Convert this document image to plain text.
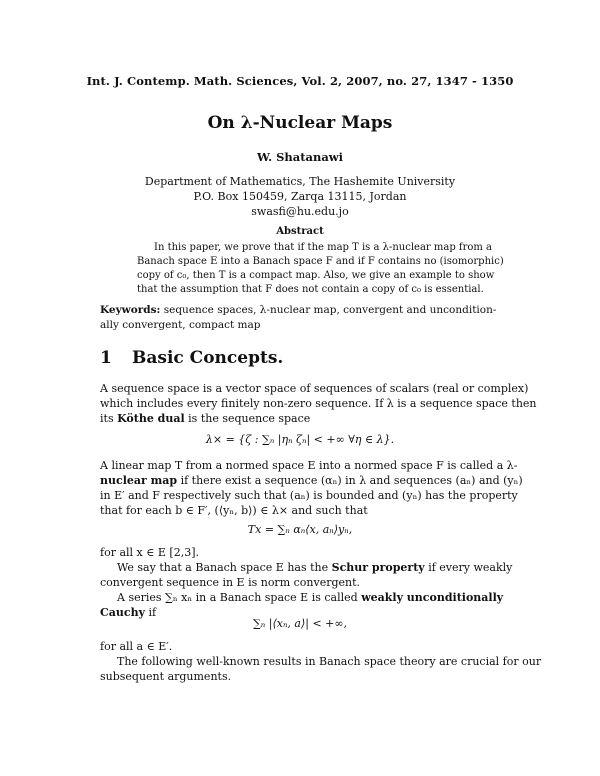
Int. J. Contemp. Math. Sciences, Vol. 2, 2007, no. 27, 1347 - 1350
On λ-Nuclear Maps
W. Shatanawi
Department of Mathematics, The Hashemite University
P.O. Box 150459, Zarqa 13115, Jordan
swasfi@hu.edu.jo
Abstract
In this paper, we prove that if the map T is a λ-nuclear map from a
Banach space E into a Banach space F and if F contains no (isomorphic)
copy of c₀, then T is a compact map. Also, we give an example to show
that the assumption that F does not contain a copy of c₀ is essential.
Keywords: sequence spaces, λ-nuclear map, convergent and uncondition-
ally convergent, compact map
1 Basic Concepts.
A sequence space is a vector space of sequences of scalars (real or complex)
which includes every finitely non-zero sequence. If λ is a sequence space then
its Köthe dual is the sequence space
λ× = {ζ : ∑ₙ |ηₙ ζₙ| < +∞ ∀η ∈ λ}.
A linear map T from a normed space E into a normed space F is called a λ-
nuclear map if there exist a sequence (αₙ) in λ and sequences (aₙ) and (yₙ)
in E′ and F respectively such that (aₙ) is bounded and (yₙ) has the property
that for each b ∈ F′, (⟨yₙ, b⟩) ∈ λ× and such that
Tx = ∑ₙ αₙ⟨x, aₙ⟩yₙ,
for all x ∈ E [2,3].
We say that a Banach space E has the Schur property if every weakly
convergent sequence in E is norm convergent.
A series ∑ₙ xₙ in a Banach space E is called weakly unconditionally
Cauchy if
∑ₙ |⟨xₙ, a⟩| < +∞,
for all a ∈ E′.
The following well-known results in Banach space theory are crucial for our
subsequent arguments.
